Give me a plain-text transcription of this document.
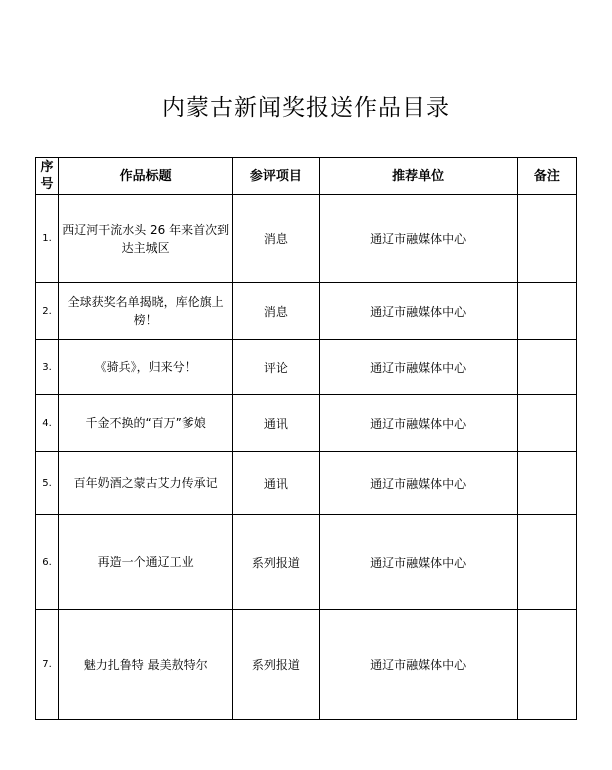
内蒙古新闻奖报送作品目录
序
号	作品标题	参评项目	推荐单位	备注
1.	西辽河干流水头 26 年来首次到达主城区	消息	通辽市融媒体中心	
2.	全球获奖名单揭晓，库伦旗上榜！	消息	通辽市融媒体中心	
3.	《骑兵》，归来兮！	评论	通辽市融媒体中心	
4.	千金不换的“百万”爹娘	通讯	通辽市融媒体中心	
5.	百年奶酒之蒙古艾力传承记	通讯	通辽市融媒体中心	
6.	再造一个通辽工业	系列报道	通辽市融媒体中心	
7.	魅力扎鲁特 最美敖特尔	系列报道	通辽市融媒体中心	
